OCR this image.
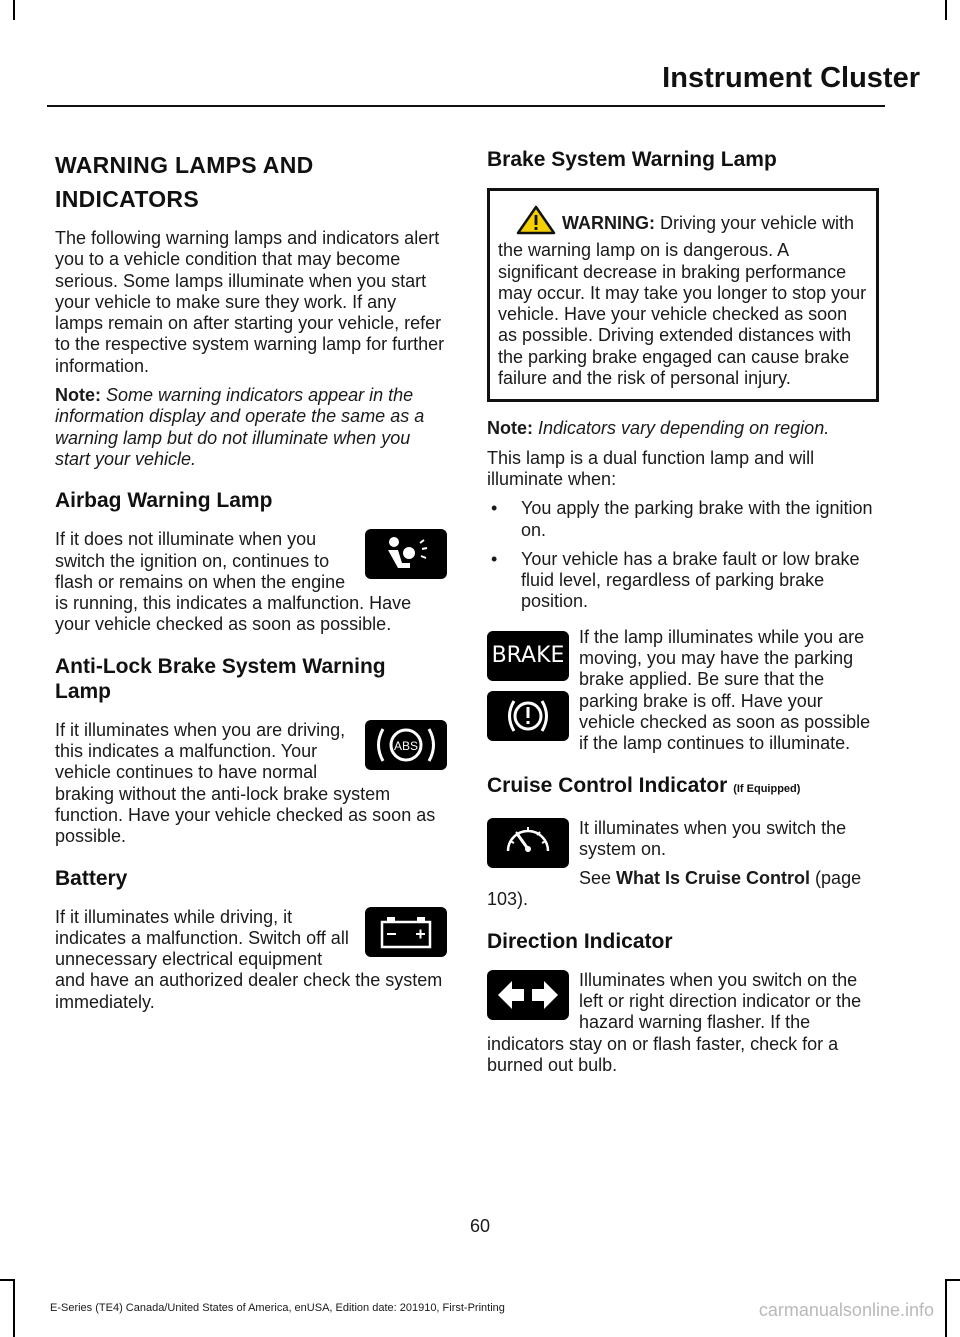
Instrument Cluster
WARNING LAMPS AND
INDICATORS

The following warning lamps and indicators alert you to a vehicle condition that may become serious. Some lamps illuminate when you start your vehicle to make sure they work. If any lamps remain on after starting your vehicle, refer to the respective system warning lamp for further information.

Note: Some warning indicators appear in the information display and operate the same as a warning lamp but do not illuminate when you start your vehicle.

Airbag Warning Lamp

If it does not illuminate when you switch the ignition on, continues to flash or remains on when the engine is running, this indicates a malfunction. Have your vehicle checked as soon as possible.

Anti-Lock Brake System Warning Lamp
ABS

If it illuminates when you are driving, this indicates a malfunction. Your vehicle continues to have normal braking without the anti-lock brake system function. Have your vehicle checked as soon as possible.

Battery

If it illuminates while driving, it indicates a malfunction. Switch off all unnecessary electrical equipment and have an authorized dealer check the system immediately.

Brake System Warning Lamp

WARNING: Driving your vehicle with the warning lamp on is dangerous. A significant decrease in braking performance may occur. It may take you longer to stop your vehicle. Have your vehicle checked as soon as possible. Driving extended distances with the parking brake engaged can cause brake failure and the risk of personal injury.

Note: Indicators vary depending on region.

This lamp is a dual function lamp and will illuminate when:

• You apply the parking brake with the ignition on.
• Your vehicle has a brake fault or low brake fluid level, regardless of parking brake position.
BRAKE

If the lamp illuminates while you are moving, you may have the parking brake applied. Be sure that the parking brake is off. Have your vehicle checked as soon as possible if the lamp continues to illuminate.

Cruise Control Indicator (If Equipped)

It illuminates when you switch the system on.

See What Is Cruise Control (page 103).

Direction Indicator

Illuminates when you switch on the left or right direction indicator or the hazard warning flasher. If the indicators stay on or flash faster, check for a burned out bulb.

60
E-Series (TE4) Canada/United States of America, enUSA, Edition date: 201910, First-Printing	carmanualsonline.info
